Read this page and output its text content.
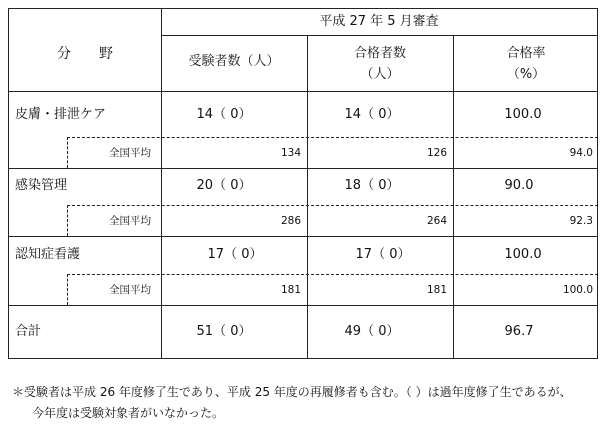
分　　野
平成 27 年 5 月審査
受験者数（人）
合格者数
（人）
合格率
（%）
皮膚・排泄ケア	14（ 0）	14（ 0）	100.0
全国平均	134	126	94.0
感染管理	20（ 0）	18（ 0）	90.0
全国平均	286	264	92.3
認知症看護	17（ 0）	17（ 0）	100.0
全国平均	181	181	100.0
合計	51（ 0）	49（ 0）	96.7
＊受験者は平成 26 年度修了生であり、平成 25 年度の再履修者も含む。（ ）は過年度修了生であるが、
今年度は受験対象者がいなかった。
